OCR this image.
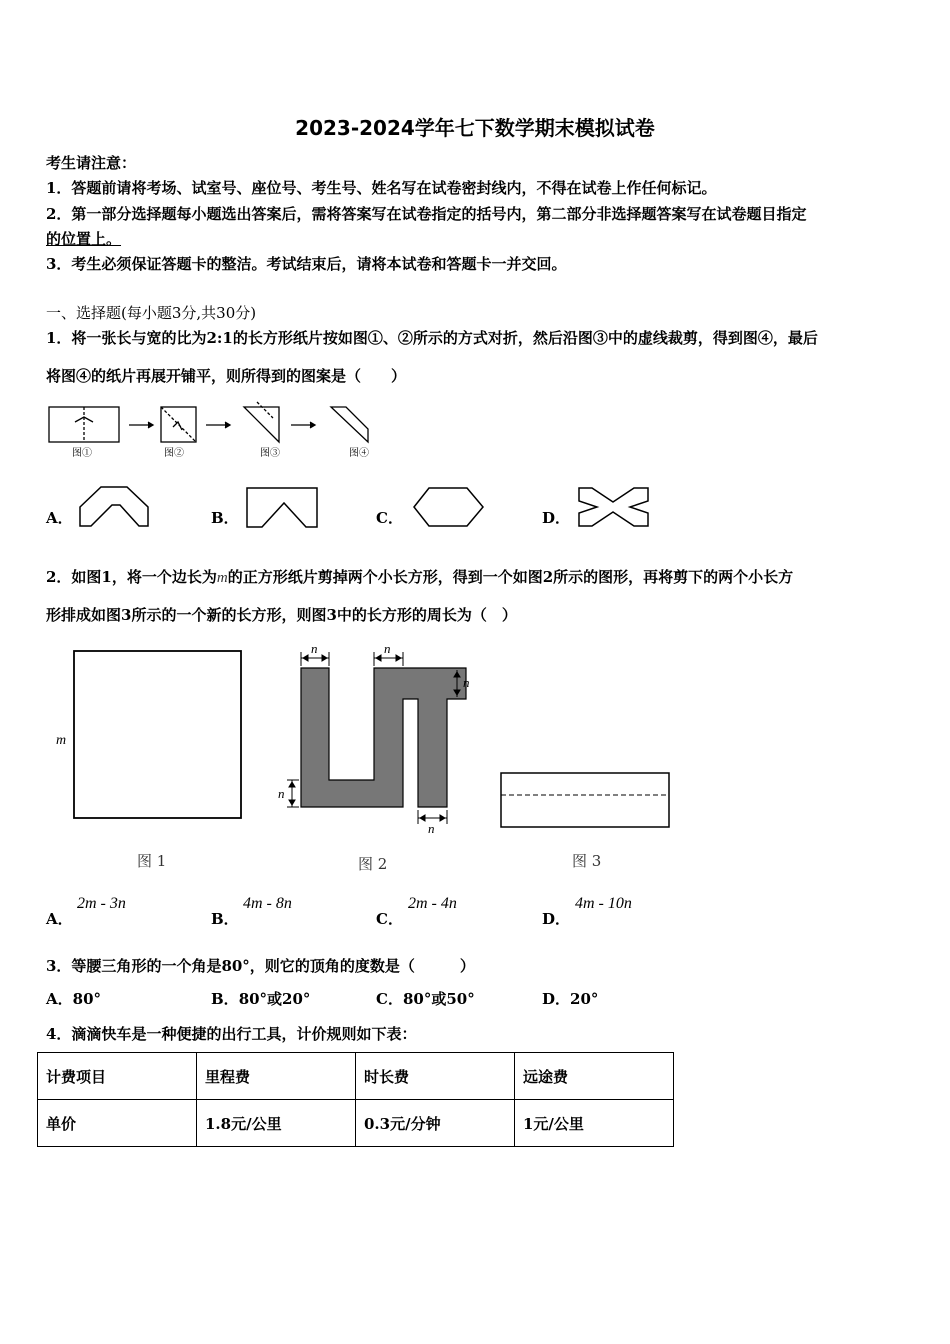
2023-2024学年七下数学期末模拟试卷
考生请注意：
1．答题前请将考场、试室号、座位号、考生号、姓名写在试卷密封线内，不得在试卷上作任何标记。
2．第一部分选择题每小题选出答案后，需将答案写在试卷指定的括号内，第二部分非选择题答案写在试卷题目指定
的位置上。
3．考生必须保证答题卡的整洁。考试结束后，请将本试卷和答题卡一并交回。
一、选择题(每小题3分,共30分)
1．将一张长与宽的比为2:1的长方形纸片按如图①、②所示的方式对折，然后沿图③中的虚线裁剪，得到图④，最后
将图④的纸片再展开铺平，则所得到的图案是（　　）
图①	图②	图③	图④
A．	B．	C．	D．
2．如图1，将一个边长为m的正方形纸片剪掉两个小长方形，得到一个如图2所示的图形，再将剪下的两个小长方
形排成如图3所示的一个新的长方形，则图3中的长方形的周长为（　）
m
图 1
n	n
n
n
n
图 2	图 3
A．
2m - 3n
B．
4m - 8n
C．
2m - 4n
D．
4m - 10n
3．等腰三角形的一个角是80°，则它的顶角的度数是（　　　）
A．80°	B．80°或20°	C．80°或50°	D．20°
4．滴滴快车是一种便捷的出行工具，计价规则如下表：
计费项目	里程费	时长费	远途费
单价	1.8元/公里	0.3元/分钟	1元/公里
